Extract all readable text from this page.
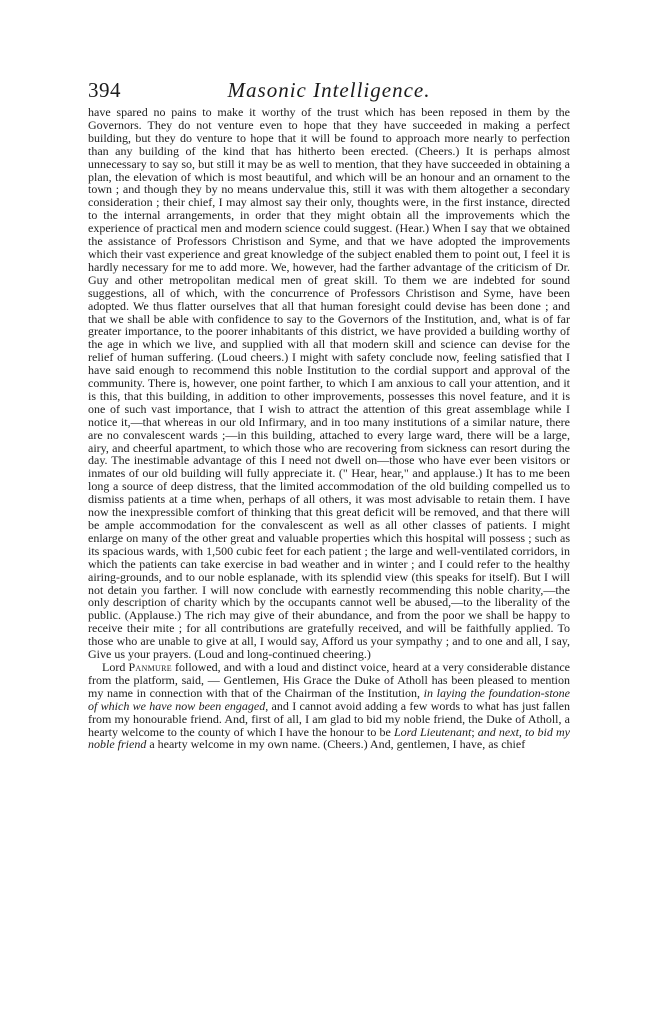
394	Masonic Intelligence.

have spared no pains to make it worthy of the trust which has been reposed in them by the Governors. They do not venture even to hope that they have succeeded in making a perfect building, but they do venture to hope that it will be found to approach more nearly to perfection than any building of the kind that has hitherto been erected. (Cheers.) It is perhaps almost unnecessary to say so, but still it may be as well to mention, that they have succeeded in obtaining a plan, the elevation of which is most beautiful, and which will be an honour and an ornament to the town ; and though they by no means undervalue this, still it was with them altogether a secondary consideration ; their chief, I may almost say their only, thoughts were, in the first instance, directed to the internal arrangements, in order that they might obtain all the improvements which the experience of practical men and modern science could suggest. (Hear.) When I say that we obtained the assistance of Professors Christison and Syme, and that we have adopted the improvements which their vast experience and great knowledge of the subject enabled them to point out, I feel it is hardly necessary for me to add more. We, however, had the farther advantage of the criticism of Dr. Guy and other metropolitan medical men of great skill. To them we are indebted for sound suggestions, all of which, with the concurrence of Professors Christison and Syme, have been adopted. We thus flatter ourselves that all that human foresight could devise has been done ; and that we shall be able with confidence to say to the Governors of the Institution, and, what is of far greater importance, to the poorer inhabitants of this district, we have provided a building worthy of the age in which we live, and supplied with all that modern skill and science can devise for the relief of human suffering. (Loud cheers.) I might with safety conclude now, feeling satisfied that I have said enough to recommend this noble Institution to the cordial support and approval of the community. There is, however, one point farther, to which I am anxious to call your attention, and it is this, that this building, in addition to other improvements, possesses this novel feature, and it is one of such vast importance, that I wish to attract the attention of this great assemblage while I notice it,—that whereas in our old Infirmary, and in too many institutions of a similar nature, there are no convalescent wards ;—in this building, attached to every large ward, there will be a large, airy, and cheerful apartment, to which those who are recovering from sickness can resort during the day. The inestimable advantage of this I need not dwell on—those who have ever been visitors or inmates of our old building will fully appreciate it. (" Hear, hear," and applause.) It has to me been long a source of deep distress, that the limited accommodation of the old building compelled us to dismiss patients at a time when, perhaps of all others, it was most advisable to retain them. I have now the inexpressible comfort of thinking that this great deficit will be removed, and that there will be ample accommodation for the convalescent as well as all other classes of patients. I might enlarge on many of the other great and valuable properties which this hospital will possess ; such as its spacious wards, with 1,500 cubic feet for each patient ; the large and well-ventilated corridors, in which the patients can take exercise in bad weather and in winter ; and I could refer to the healthy airing-grounds, and to our noble esplanade, with its splendid view (this speaks for itself). But I will not detain you farther. I will now conclude with earnestly recommending this noble charity,—the only description of charity which by the occupants cannot well be abused,—to the liberality of the public. (Applause.) The rich may give of their abundance, and from the poor we shall be happy to receive their mite ; for all contributions are gratefully received, and will be faithfully applied. To those who are unable to give at all, I would say, Afford us your sympathy ; and to one and all, I say, Give us your prayers. (Loud and long-continued cheering.)

Lord Panmure followed, and with a loud and distinct voice, heard at a very considerable distance from the platform, said, — Gentlemen, His Grace the Duke of Atholl has been pleased to mention my name in connection with that of the Chairman of the Institution, in laying the foundation-stone of which we have now been engaged, and I cannot avoid adding a few words to what has just fallen from my honourable friend. And, first of all, I am glad to bid my noble friend, the Duke of Atholl, a hearty welcome to the county of which I have the honour to be Lord Lieutenant; and next, to bid my noble friend a hearty welcome in my own name. (Cheers.) And, gentlemen, I have, as chief
